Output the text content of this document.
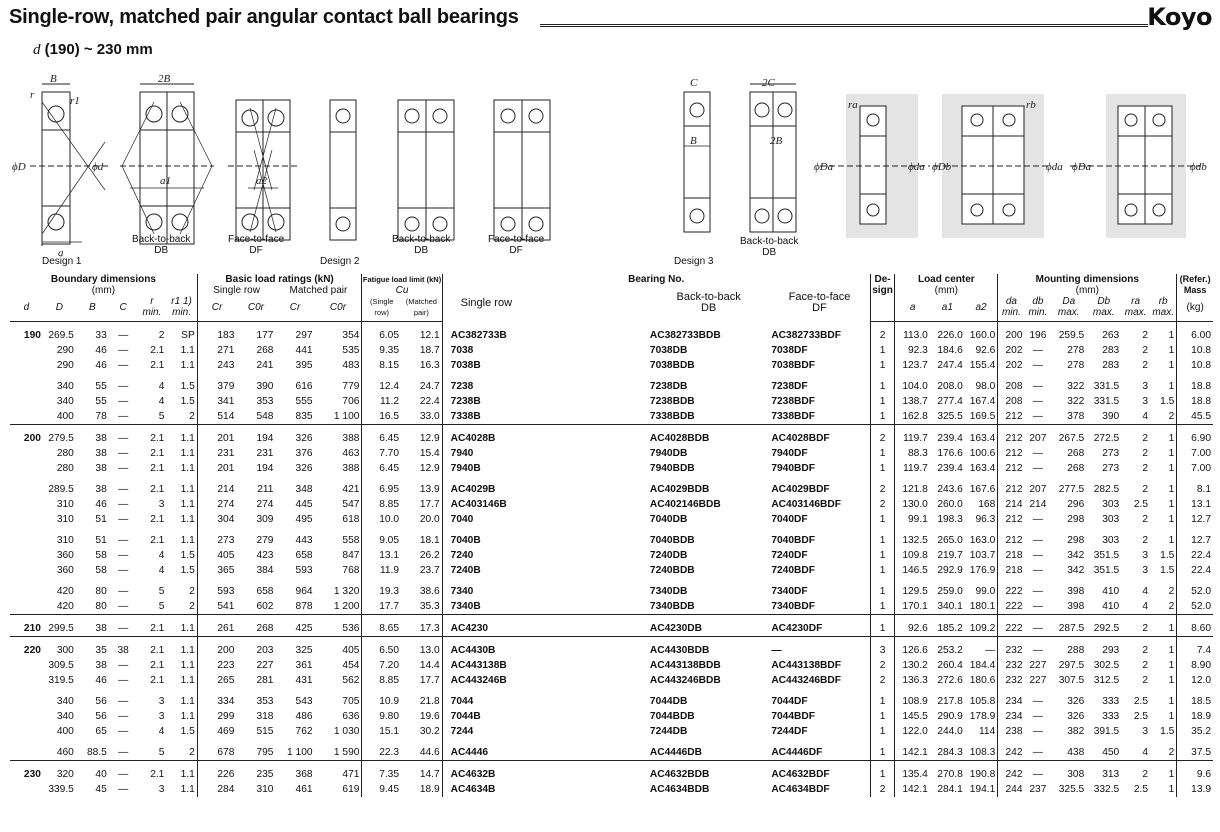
Single-row, matched pair angular contact ball bearings	Koyo
d (190) ~ 230 mm
B	2B
r	r1
ϕD	ϕd
a
a1	a2
C	2C
B	2B
ϕDa	ϕda ϕDb	ϕda ϕDa	ϕdb
ra	rb
Design 1
Back-to-back
DB
Face-to-face
DF
Design 2
Back-to-back
DB
Face-to-face
DF
Design 3
Back-to-back
DB
Boundary dimensions						Basic load ratings (kN)				Fatigue load limit (kN)		Bearing No.			De-
sign	Load center			Mounting dimensions						(Refer.)
Mass
(mm)						Single row		Matched pair		Cu		Single row	Back-to-back
DB	Face-to-face
DF		(mm)			(mm)						
d	D	B	C	r
min.	r1 1)
min.	Cr	C0r	Cr	C0r	(Single row)	(Matched pair)					a	a1	a2	da
min.	db
min.	Da
max.	Db
max.	ra
max.	rb
max.	(kg)
190	269.5	33	—	2	SP	183	177	297	354	6.05	12.1	AC382733B	AC382733BDB	AC382733BDF	2	113.0	226.0	160.0	200	196	259.5	263	2	1	6.00
	290	46	—	2.1	1.1	271	268	441	535	9.35	18.7	7038	7038DB	7038DF	1	92.3	184.6	92.6	202	—	278	283	2	1	10.8
	290	46	—	2.1	1.1	243	241	395	483	8.15	16.3	7038B	7038BDB	7038BDF	1	123.7	247.4	155.4	202	—	278	283	2	1	10.8
	340	55	—	4	1.5	379	390	616	779	12.4	24.7	7238	7238DB	7238DF	1	104.0	208.0	98.0	208	—	322	331.5	3	1	18.8
	340	55	—	4	1.5	341	353	555	706	11.2	22.4	7238B	7238BDB	7238BDF	1	138.7	277.4	167.4	208	—	322	331.5	3	1.5	18.8
	400	78	—	5	2	514	548	835	1 100	16.5	33.0	7338B	7338BDB	7338BDF	1	162.8	325.5	169.5	212	—	378	390	4	2	45.5
200	279.5	38	—	2.1	1.1	201	194	326	388	6.45	12.9	AC4028B	AC4028BDB	AC4028BDF	2	119.7	239.4	163.4	212	207	267.5	272.5	2	1	6.90
	280	38	—	2.1	1.1	231	231	376	463	7.70	15.4	7940	7940DB	7940DF	1	88.3	176.6	100.6	212	—	268	273	2	1	7.00
	280	38	—	2.1	1.1	201	194	326	388	6.45	12.9	7940B	7940BDB	7940BDF	1	119.7	239.4	163.4	212	—	268	273	2	1	7.00
	289.5	38	—	2.1	1.1	214	211	348	421	6.95	13.9	AC4029B	AC4029BDB	AC4029BDF	2	121.8	243.6	167.6	212	207	277.5	282.5	2	1	8.1
	310	46	—	3	1.1	274	274	445	547	8.85	17.7	AC403146B	AC402146BDB	AC403146BDF	2	130.0	260.0	168	214	214	296	303	2.5	1	13.1
	310	51	—	2.1	1.1	304	309	495	618	10.0	20.0	7040	7040DB	7040DF	1	99.1	198.3	96.3	212	—	298	303	2	1	12.7
	310	51	—	2.1	1.1	273	279	443	558	9.05	18.1	7040B	7040BDB	7040BDF	1	132.5	265.0	163.0	212	—	298	303	2	1	12.7
	360	58	—	4	1.5	405	423	658	847	13.1	26.2	7240	7240DB	7240DF	1	109.8	219.7	103.7	218	—	342	351.5	3	1.5	22.4
	360	58	—	4	1.5	365	384	593	768	11.9	23.7	7240B	7240BDB	7240BDF	1	146.5	292.9	176.9	218	—	342	351.5	3	1.5	22.4
	420	80	—	5	2	593	658	964	1 320	19.3	38.6	7340	7340DB	7340DF	1	129.5	259.0	99.0	222	—	398	410	4	2	52.0
	420	80	—	5	2	541	602	878	1 200	17.7	35.3	7340B	7340BDB	7340BDF	1	170.1	340.1	180.1	222	—	398	410	4	2	52.0
210	299.5	38	—	2.1	1.1	261	268	425	536	8.65	17.3	AC4230	AC4230DB	AC4230DF	1	92.6	185.2	109.2	222	—	287.5	292.5	2	1	8.60
220	300	35	38	2.1	1.1	200	203	325	405	6.50	13.0	AC4430B	AC4430BDB	—	3	126.6	253.2	—	232	—	288	293	2	1	7.4
	309.5	38	—	2.1	1.1	223	227	361	454	7.20	14.4	AC443138B	AC443138BDB	AC443138BDF	2	130.2	260.4	184.4	232	227	297.5	302.5	2	1	8.90
	319.5	46	—	2.1	1.1	265	281	431	562	8.85	17.7	AC443246B	AC443246BDB	AC443246BDF	2	136.3	272.6	180.6	232	227	307.5	312.5	2	1	12.0
	340	56	—	3	1.1	334	353	543	705	10.9	21.8	7044	7044DB	7044DF	1	108.9	217.8	105.8	234	—	326	333	2.5	1	18.5
	340	56	—	3	1.1	299	318	486	636	9.80	19.6	7044B	7044BDB	7044BDF	1	145.5	290.9	178.9	234	—	326	333	2.5	1	18.9
	400	65	—	4	1.5	469	515	762	1 030	15.1	30.2	7244	7244DB	7244DF	1	122.0	244.0	114	238	—	382	391.5	3	1.5	35.2
	460	88.5	—	5	2	678	795	1 100	1 590	22.3	44.6	AC4446	AC4446DB	AC4446DF	1	142.1	284.3	108.3	242	—	438	450	4	2	37.5
230	320	40	—	2.1	1.1	226	235	368	471	7.35	14.7	AC4632B	AC4632BDB	AC4632BDF	1	135.4	270.8	190.8	242	—	308	313	2	1	9.6
	339.5	45	—	3	1.1	284	310	461	619	9.45	18.9	AC4634B	AC4634BDB	AC4634BDF	2	142.1	284.1	194.1	244	237	325.5	332.5	2.5	1	13.9
